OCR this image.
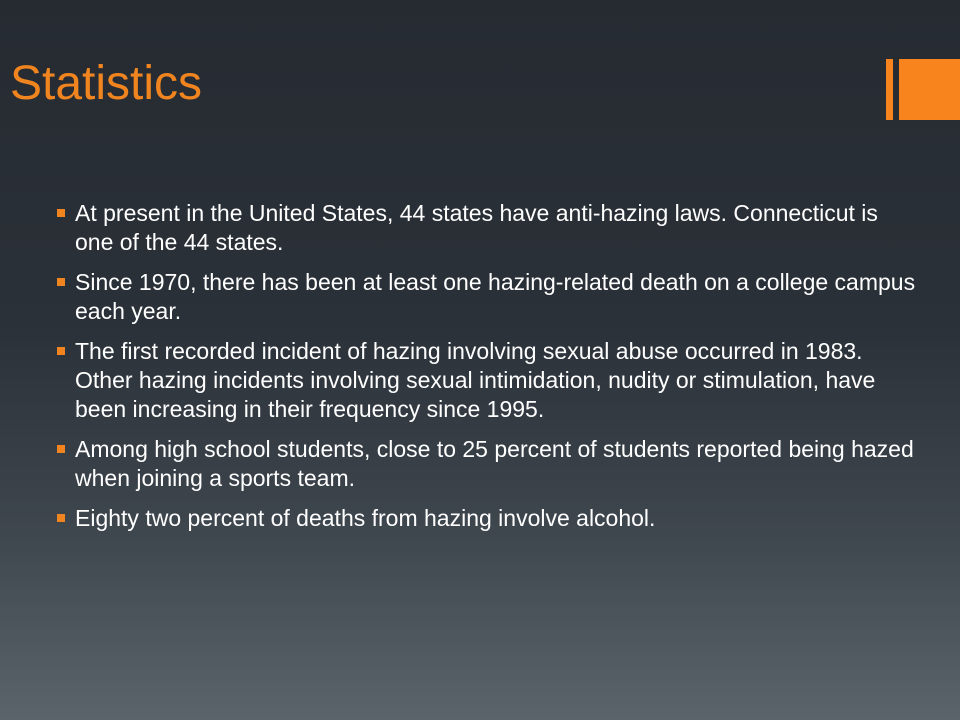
Statistics
At present in the United States, 44 states have anti-hazing laws. Connecticut is one of the 44 states.
Since 1970, there has been at least one hazing-related death on a college campus each year.
The first recorded incident of hazing involving sexual abuse occurred in 1983. Other hazing incidents involving sexual intimidation, nudity or stimulation, have been increasing in their frequency since 1995.
Among high school students, close to 25 percent of students reported being hazed when joining a sports team.
Eighty two percent of deaths from hazing involve alcohol.
